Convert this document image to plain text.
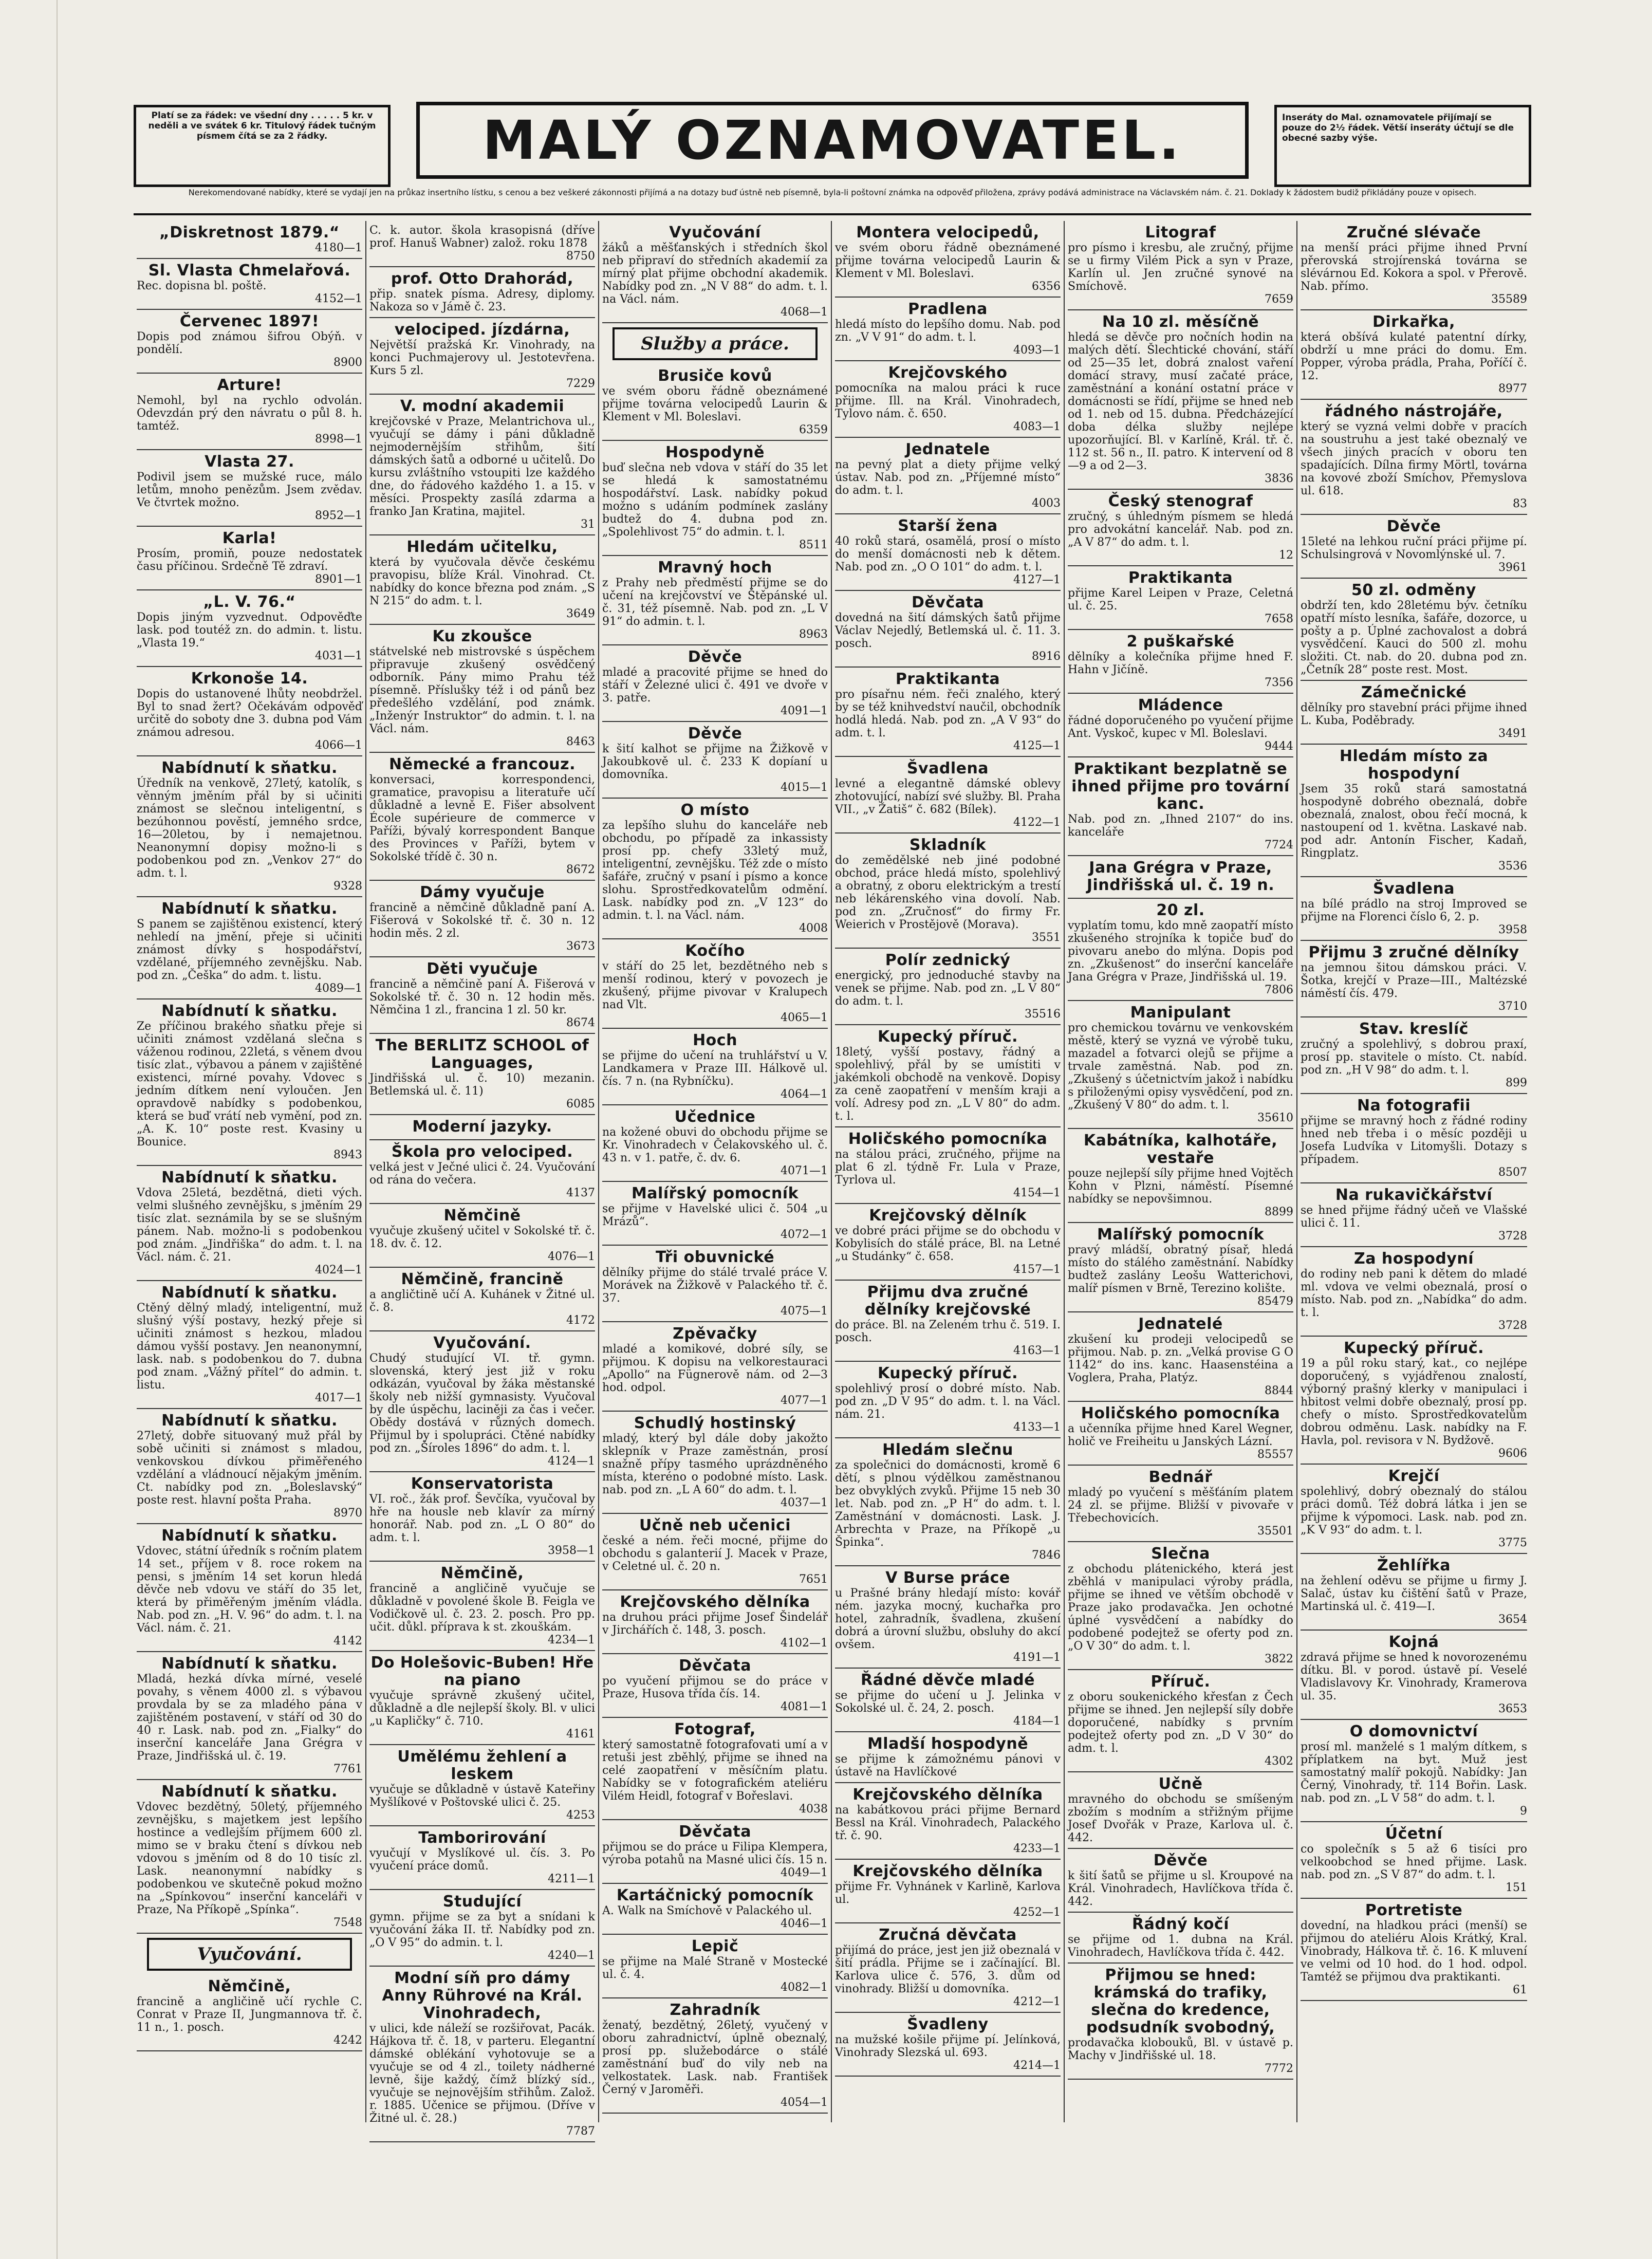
Platí se za řádek: ve všední dny . . . . . 5 kr. v neděli a ve svátek 6 kr. Titulový řádek tučným písmem čítá se za 2 řádky.	MALÝ OZNAMOVATEL.	Inseráty do Mal. oznamovatele přijímají se pouze do 2½ řádek. Větší inseráty účtují se dle obecné sazby výše.
Nerekomendované nabídky, které se vydají jen na průkaz insertního lístku, s cenou a bez veškeré zákonnosti přijímá a na dotazy buď ústně neb písemně, byla-li poštovní známka na odpověď přiložena, zprávy podává administrace na Václavském nám. č. 21. Doklady k žádostem budiž přikládány pouze v opisech.
„Diskretnost 1879.“
4180—1
Sl. Vlasta Chmelařová.
Rec. dopisna bl. poště.
4152—1
Červenec 1897!
Dopis pod známou šifrou Obýň. v pondělí.
8900
Arture!
Nemohl, byl na rychlo odvolán. Odevzdán prý den návratu o půl 8. h. tamtéž.
8998—1
Vlasta 27.
Podivil jsem se mužské ruce, málo letům, mnoho penězům. Jsem zvědav. Ve čtvrtek možno.
8952—1
Karla!
Prosím, promiň, pouze nedostatek času příčinou. Srdečně Tě zdraví.
8901—1
„L. V. 76.“
Dopis jiným vyzvednut. Odpověďte lask. pod toutéž zn. do admin. t. listu. „Vlasta 19.“
4031—1
Krkonoše 14.
Dopis do ustanovené lhůty neobdržel. Byl to snad žert? Očekávám odpověď určitě do soboty dne 3. dubna pod Vám známou adresou.
4066—1
Nabídnutí k sňatku.
Úředník na venkově, 27letý, katolík, s věnným jměním přál by si učiniti známost se slečnou inteligentní, s bezúhonnou pověstí, jemného srdce, 16—20letou, by i nemajetnou. Neanonymní dopisy možno-li s podobenkou pod zn. „Venkov 27“ do adm. t. l.
9328
Nabídnutí k sňatku.
S panem se zajištěnou existencí, který nehledí na jmění, přeje si učiniti známost dívky s hospodářství, vzdělané, příjemného zevnějšku. Nab. pod zn. „Češka“ do adm. t. listu.
4089—1
Nabídnutí k sňatku.
Ze příčinou brakého sňatku přeje si učiniti známost vzdělaná slečna s váženou rodinou, 22letá, s věnem dvou tisíc zlat., výbavou a pánem v zajištěné existenci, mírné povahy. Vdovec s jedním dítkem není vyloučen. Jen opravdově nabídky s podobenkou, která se buď vrátí neb vymění, pod zn. „A. K. 10“ poste rest. Kvasiny u Bounice.
8943
Nabídnutí k sňatku.
Vdova 25letá, bezdětná, dieti vých. velmi slušného zevnějšku, s jměním 29 tisíc zlat. seznámila by se se slušným pánem. Nab. možno-li s podobenkou pod znám. „Jindřiška“ do adm. t. l. na Václ. nám. č. 21.
4024—1
Nabídnutí k sňatku.
Ctěný dělný mladý, inteligentní, muž slušný výší postavy, hezký přeje si učiniti známost s hezkou, mladou dámou vyšší postavy. Jen neanonymní, lask. nab. s podobenkou do 7. dubna pod znam. „Vážný přítel“ do admin. t. listu.
4017—1
Nabídnutí k sňatku.
27letý, dobře situovaný muž přál by sobě učiniti si známost s mladou, venkovskou dívkou přiměřeného vzdělání a vládnoucí nějakým jměním. Ct. nabídky pod zn. „Boleslavský“ poste rest. hlavní pošta Praha.
8970
Nabídnutí k sňatku.
Vdovec, státní úředník s ročním platem 14 set., příjem v 8. roce rokem na pensi, s jměním 14 set korun hledá děvče neb vdovu ve stáří do 35 let, která by přiměřeným jměním vládla. Nab. pod zn. „H. V. 96“ do adm. t. l. na Václ. nám. č. 21.
4142
Nabídnutí k sňatku.
Mladá, hezká dívka mírné, veselé povahy, s věnem 4000 zl. s výbavou provdala by se za mladého pána v zajištěném postavení, v stáří od 30 do 40 r. Lask. nab. pod zn. „Fialky“ do inserční kanceláře Jana Grégra v Praze, Jindřišská ul. č. 19.
7761
Nabídnutí k sňatku.
Vdovec bezdětný, 50letý, příjemného zevnějšku, s majetkem jest lepšího hostince a vedlejším příjmem 600 zl. mimo se v braku čtení s dívkou neb vdovou s jměním od 8 do 10 tisíc zl. Lask. neanonymní nabídky s podobenkou ve skutečně pokud možno na „Spínkovou“ inserční kanceláři v Praze, Na Příkopě „Spínka“.
7548
Vyučování.
Němčině,
francině a angličině učí rychle C. Conrat v Praze II, Jungmannova tř. č. 11 n., 1. posch.
4242
C. k. autor. škola krasopisná (dříve prof. Hanuš Wabner) založ. roku 1878
8750
prof. Otto Drahorád,
přip. snatek písma. Adresy, diplomy. Nakoza so v Jámě č. 23.
velociped. jízdárna,
Největší pražská Kr. Vinohrady, na konci Puchmajerovy ul. Jestotevřena. Kurs 5 zl.
7229
V. modní akademii
krejčovské v Praze, Melantrichova ul., vyučují se dámy i páni důkladně nejmodernějším střihům, šití dámských šatů a odborné u učitelů. Do kursu zvláštního vstoupiti lze každého dne, do řádového každého 1. a 15. v měsíci. Prospekty zasílá zdarma a franko Jan Kratina, majitel.
31
Hledám učitelku,
která by vyučovala děvče českému pravopisu, blíže Král. Vinohrad. Ct. nabídky do konce března pod znám. „S N 215“ do adm. t. l.
3649
Ku zkoušce
státvelské neb mistrovské s úspěchem připravuje zkušený osvědčený odborník. Pány mimo Prahu též písemně. Příslušky též i od pánů bez předešlého vzdělání, pod známk. „Inženýr Instruktor“ do admin. t. l. na Václ. nám.
8463
Německé a francouz.
konversaci, korrespondenci, gramatice, pravopisu a literatuře učí důkladně a levně E. Fišer absolvent École supérieure de commerce v Paříži, bývalý korrespondent Banque des Provinces v Paříži, bytem v Sokolské třídě č. 30 n.
8672
Dámy vyučuje
francině a němčině důkladně paní A. Fišerová v Sokolské tř. č. 30 n. 12 hodin měs. 2 zl.
3673
Děti vyučuje
francině a němčině paní A. Fišerová v Sokolské tř. č. 30 n. 12 hodin měs. Němčina 1 zl., francina 1 zl. 50 kr.
8674
The BERLITZ SCHOOL of Languages,
Jindřišská ul. č. 10) mezanin. Betlemská ul. č. 11)
6085
Moderní jazyky.
Škola pro velociped.
velká jest v Ječné ulici č. 24. Vyučování od rána do večera.
4137
Němčině
vyučuje zkušený učitel v Sokolské tř. č. 18. dv. č. 12.
4076—1
Němčině, francině
a angličtině učí A. Kuhánek v Žitné ul. č. 8.
4172
Vyučování.
Chudý studující VI. tř. gymn. slovenská, který jest již v roku odkázán, vyučoval by žáka městanské školy neb nižší gymnasisty. Vyučoval by dle úspěchu, laciněji za čas i večer. Obědy dostává v různých domech. Přijmul by i spolupráci. Ctěné nabídky pod zn. „Šíroles 1896“ do adm. t. l.
4124—1
Konservatorista
VI. roč., žák prof. Ševčíka, vyučoval by hře na housle neb klavír za mírný honorář. Nab. pod zn. „L O 80“ do adm. t. l.
3958—1
Němčině,
francině a angličině vyučuje se důkladně v povolené škole B. Feigla ve Vodičkově ul. č. 23. 2. posch. Pro pp. učit. důkl. příprava k st. zkouškám.
4234—1
Do Holešovic-Buben! Hře na piano
vyučuje správně zkušený učitel, důkladně a dle nejlepší školy. Bl. v ulici „u Kapličky“ č. 710.
4161
Umělému žehlení a leskem
vyučuje se důkladně v ústavě Kateřiny Myšlíkové v Poštovské ulici č. 25.
4253
Tamborirování
vyučují v Myslíkové ul. čís. 3. Po vyučení práce domů.
4211—1
Studující
gymn. přijme se za byt a snídani k vyučování žáka II. tř. Nabídky pod zn. „O V 95“ do admin. t. l.
4240—1
Modní síň pro dámy Anny Rührové na Král. Vinohradech,
v ulici, kde náleží se rozšiřovat, Pacák. Hájkova tř. č. 18, v parteru. Elegantní dámské oblékání vyhotovuje se a vyučuje se od 4 zl., toilety nádherné levně, šije každý, čímž blízký síd., vyučuje se nejnovějším střihům. Založ. r. 1885. Učenice se přijmou. (Dříve v Žitné ul. č. 28.)
7787
Vyučování
žáků a měšťanských i středních škol neb připraví do středních akademií za mírný plat přijme obchodní akademik. Nabídky pod zn. „N V 88“ do adm. t. l. na Václ. nám.
4068—1
Služby a práce.
Brusiče kovů
ve svém oboru řádně obeznámené přijme továrna velocipedů Laurin & Klement v Ml. Boleslavi.
6359
Hospodyně
buď slečna neb vdova v stáří do 35 let se hledá k samostatnému hospodářství. Lask. nabídky pokud možno s udáním podmínek zaslány budtež do 4. dubna pod zn. „Spolehlivost 75“ do admin. t. l.
8511
Mravný hoch
z Prahy neb předměstí přijme se do učení na krejčovství ve Štěpánské ul. č. 31, též písemně. Nab. pod zn. „L V 91“ do admin. t. l.
8963
Děvče
mladé a pracovité přijme se hned do stáří v Železné ulici č. 491 ve dvoře v 3. patře.
4091—1
Děvče
k šití kalhot se přijme na Žižkově v Jakoubkově ul. č. 233 K dopíaní u domovníka.
4015—1
O místo
za lepšího sluhu do kanceláře neb obchodu, po případě za inkassisty prosí pp. chefy 33letý muž, inteligentní, zevnějšku. Též zde o místo šafáře, zručný v psaní i písmo a konce slohu. Sprostředkovatelům odmění. Lask. nabídky pod zn. „V 123“ do admin. t. l. na Václ. nám.
4008
Kočího
v stáří do 25 let, bezdětného neb s menší rodinou, který v povozech je zkušený, přijme pivovar v Kralupech nad Vlt.
4065—1
Hoch
se přijme do učení na truhlářství u V. Landkamera v Praze III. Hálkově ul. čís. 7 n. (na Rybníčku).
4064—1
Učednice
na kožené obuvi do obchodu přijme se Kr. Vinohradech v Čelakovského ul. č. 43 n. v 1. patře, č. dv. 6.
4071—1
Malířský pomocník
se přijme v Havelské ulici č. 504 „u Mrázů“.
4072—1
Tři obuvnické
dělníky přijme do stálé trvalé práce V. Morávek na Žižkově v Palackého tř. č. 37.
4075—1
Zpěvačky
mladé a komikové, dobré síly, se přijmou. K dopisu na velkorestauraci „Apollo“ na Fügnerově nám. od 2—3 hod. odpol.
4077—1
Schudlý hostinský
mladý, který byl dále doby jakožto sklepník v Praze zaměstnán, prosí snažně přípy tasmého uprázdněného místa, kteréno o podobné místo. Lask. nab. pod zn. „L A 60“ do adm. t. l.
4037—1
Učně neb učenici
české a ném. řeči mocné, přijme do obchodu s galanterií J. Macek v Praze, v Celetné ul. č. 20 n.
7651
Krejčovského dělníka
na druhou práci přijme Josef Šindelář v Jirchářích č. 148, 3. posch.
4102—1
Děvčata
po vyučení přijmou se do práce v Praze, Husova třída čís. 14.
4081—1
Fotograf,
který samostatně fotografovati umí a v retuši jest zběhlý, přijme se ihned na celé zaopatření v měsíčním platu. Nabídky se v fotografickém ateliéru Vilém Heidl, fotograf v Bořeslavi.
4038
Děvčata
přijmou se do práce u Filipa Klempera, výroba potahů na Masné ulici čís. 15 n.
4049—1
Kartáčnický pomocník
A. Walk na Smíchově v Palackého ul.
4046—1
Lepič
se přijme na Malé Straně v Mostecké ul. č. 4.
4082—1
Zahradník
ženatý, bezdětný, 26letý, vyučený v oboru zahradnictví, úplně obeznalý, prosí pp. služebodárce o stálé zaměstnání buď do vily neb na velkostatek. Lask. nab. František Černý v Jaroměři.
4054—1
Montera velocipedů,
ve svém oboru řádně obeznámené přijme továrna velocipedů Laurin & Klement v Ml. Boleslavi.
6356
Pradlena
hledá místo do lepšího domu. Nab. pod zn. „V V 91“ do adm. t. l.
4093—1
Krejčovského
pomocníka na malou práci k ruce přijme. Ill. na Král. Vinohradech, Tylovo nám. č. 650.
4083—1
Jednatele
na pevný plat a diety přijme velký ústav. Nab. pod zn. „Příjemné místo“ do adm. t. l.
4003
Starší žena
40 roků stará, osamělá, prosí o místo do menší domácnosti neb k dětem. Nab. pod zn. „O O 101“ do adm. t. l.
4127—1
Děvčata
dovedná na šití dámských šatů přijme Václav Nejedlý, Betlemská ul. č. 11. 3. posch.
8916
Praktikanta
pro písařnu ném. řeči znalého, který by se též knihvedství naučil, obchodník hodlá hledá. Nab. pod zn. „A V 93“ do adm. t. l.
4125—1
Švadlena
levné a elegantně dámské oblevy zhotovující, nabízí své služby. Bl. Praha VII., „v Žatiš“ č. 682 (Bílek).
4122—1
Skladník
do zemědělské neb jiné podobné obchod, práce hledá místo, spolehlivý a obratný, z oboru elektrickým a trestí neb lékárenského vina dovolí. Nab. pod zn. „Zručnosť“ do firmy Fr. Weierich v Prostějově (Morava).
3551
Polír zednický
energický, pro jednoduché stavby na venek se přijme. Nab. pod zn. „L V 80“ do adm. t. l.
35516
Kupecký příruč.
18letý, vyšší postavy, řádný a spolehlivý, přál by se umístiti v jakémkoli obchodě na venkově. Dopisy za ceně zaopatření v menším kraji a volí. Adresy pod zn. „L V 80“ do adm. t. l.
Holičského pomocníka
na stálou práci, zručného, přijme na plat 6 zl. týdně Fr. Lula v Praze, Tyrlova ul.
4154—1
Krejčovský dělník
ve dobré práci přijme se do obchodu v Kobylisích do stálé práce, Bl. na Letné „u Studánky“ č. 658.
4157—1
Přijmu dva zručné dělníky krejčovské
do práce. Bl. na Zeleném trhu č. 519. I. posch.
4163—1
Kupecký příruč.
spolehlivý prosí o dobré místo. Nab. pod zn. „D V 95“ do adm. t. l. na Václ. nám. 21.
4133—1
Hledám slečnu
za společnici do domácnosti, kromě 6 dětí, s plnou výdělkou zaměstnanou bez obvyklých zvyků. Přijme 15 neb 30 let. Nab. pod zn. „P H“ do adm. t. l. Zaměstnání v domácnosti. Lask. J. Arbrechta v Praze, na Příkopě „u Špinka“.
7846
V Burse práce
u Prašné brány hledají místo: kovář ném. jazyka mocný, kuchařka pro hotel, zahradník, švadlena, zkušení dobrá a úrovní službu, obsluhy do akcí ovšem.
4191—1
Řádné děvče mladé
se přijme do učení u J. Jelinka v Sokolské ul. č. 24, 2. posch.
4184—1
Mladší hospodyně
se přijme k zámožnému pánovi v ústavě na Havlíčkové
Krejčovského dělníka
na kabátkovou práci přijme Bernard Bessl na Král. Vinohradech, Palackého tř. č. 90.
4233—1
Krejčovského dělníka
přijme Fr. Vyhnánek v Karlině, Karlova ul.
4252—1
Zručná děvčata
přijímá do práce, jest jen již obeznalá v šití prádla. Přijme se i začínající. Bl. Karlova ulice č. 576, 3. dům od vinohrady. Bližší u domovníka.
4212—1
Švadleny
na mužské košile přijme pí. Jelínková, Vinohrady Slezská ul. 693.
4214—1
Litograf
pro písmo i kresbu, ale zručný, přijme se u firmy Vilém Pick a syn v Praze, Karlín ul. Jen zručné synové na Smíchově.
7659
Na 10 zl. měsíčně
hledá se děvče pro nočních hodin na malých dětí. Šlechtické chování, stáří od 25—35 let, dobrá znalost vaření domácí stravy, musí začaté práce, zaměstnání a konání ostatní práce v domácnosti se řídí, přijme se hned neb od 1. neb od 15. dubna. Předcházející doba délka služby nejlépe upozorňující. Bl. v Karlíně, Král. tř. č. 112 st. 56 n., II. patro. K intervení od 8—9 a od 2—3.
3836
Český stenograf
zručný, s úhledným písmem se hledá pro advokátní kancelář. Nab. pod zn. „A V 87“ do adm. t. l.
12
Praktikanta
přijme Karel Leipen v Praze, Celetná ul. č. 25.
7658
2 puškařské
dělníky a kolečníka přijme hned F. Hahn v Jičíně.
7356
Mládence
řádné doporučeného po vyučení přijme Ant. Vyskoč, kupec v Ml. Boleslavi.
9444
Praktikant bezplatně se ihned přijme pro tovární kanc.
Nab. pod zn. „Ihned 2107“ do ins. kanceláře
7724
Jana Grégra v Praze, Jindřišská ul. č. 19 n.
20 zl.
vyplatím tomu, kdo mně zaopatří místo zkušeného strojníka k topiče buď do pivovaru anebo do mlýna. Dopis pod zn. „Zkušenost“ do inserční kanceláře Jana Grégra v Praze, Jindřišská ul. 19.
7806
Manipulant
pro chemickou továrnu ve venkovském městě, který se vyzná ve výrobě tuku, mazadel a fotvarci olejů se přijme a trvale zaměstná. Nab. pod zn. „Zkušený s účetnictvím jakož i nabídku s přiloženými opisy vysvědčení, pod zn. „Zkušený V 80“ do adm. t. l.
35610
Kabátníka, kalhotáře, vestaře
pouze nejlepší síly přijme hned Vojtěch Kohn v Plzni, náměstí. Písemné nabídky se nepovšimnou.
8899
Malířský pomocník
pravý mládší, obratný písař, hledá místo do stálého zaměstnání. Nabídky budtež zaslány Leošu Watterichovi, malíř písmen v Brně, Terezino kolište.
85479
Jednatelé
zkušení ku prodeji velocipedů se přijmou. Nab. p. zn. „Velká provise G O 1142“ do ins. kanc. Haasenstéina a Voglera, Praha, Platýz.
8844
Holičského pomocníka
a učenníka přijme hned Karel Wegner, holič ve Freiheitu u Janských Lázní.
85557
Bednář
mladý po vyučení s měšťáním platem 24 zl. se přijme. Bližší v pivovaře v Třebechovicích.
35501
Slečna
z obchodu plátenického, která jest zběhlá v manipulaci výroby prádla, přijme se ihned ve větším obchodě v Praze jako prodavačka. Jen ochotné úplné vysvědčení a nabídky do podobené podejtež se oferty pod zn. „O V 30“ do adm. t. l.
3822
Příruč.
z oboru soukenického křesťan z Čech přijme se ihned. Jen nejlepší síly dobře doporučené, nabídky s prvním podejtež oferty pod zn. „D V 30“ do adm. t. l.
4302
Učně
mravného do obchodu se smíšeným zbožím s modním a střižným přijme Josef Dvořák v Praze, Karlova ul. č. 442.
Děvče
k šití šatů se přijme u sl. Kroupové na Král. Vinohradech, Havlíčkova třída č. 442.
Řádný kočí
se přijme od 1. dubna na Král. Vinohradech, Havlíčkova třída č. 442.
Přijmou se hned: krámská do trafiky, slečna do kredence, podsudník svobodný,
prodavačka klobouků, Bl. v ústavě p. Machy v Jindřišské ul. 18.
7772
Zručné slévače
na menší práci přijme ihned První přerovská strojírenská továrna se slévárnou Ed. Kokora a spol. v Přerově. Nab. přímo.
35589
Dirkařka,
která obšívá kulaté patentní dírky, obdrží u mne práci do domu. Em. Popper, výroba prádla, Praha, Poříčí č. 12.
8977
řádného nástrojáře,
který se vyzná velmi dobře v pracích na soustruhu a jest také obeznalý ve všech jiných pracích v oboru ten spadajících. Dílna firmy Mörtl, továrna na kovové zboží Smíchov, Přemyslova ul. 618.
83
Děvče
15leté na lehkou ruční práci přijme pí. Schulsingrová v Novomlýnské ul. 7.
3961
50 zl. odměny
obdrží ten, kdo 28letému býv. četníku opatří místo lesníka, šafáře, dozorce, u pošty a p. Úplné zachovalost a dobrá vysvědčení. Kauci do 500 zl. mohu složiti. Ct. nab. do 20. dubna pod zn. „Četník 28“ poste rest. Most.
Zámečnické
dělníky pro stavební práci přijme ihned L. Kuba, Poděbrady.
3491
Hledám místo za hospodyní
Jsem 35 roků stará samostatná hospodyně dobrého obeznalá, dobře obeznalá, znalost, obou řečí mocná, k nastoupení od 1. května. Laskavé nab. pod adr. Antonín Fischer, Kadaň, Ringplatz.
3536
Švadlena
na bílé prádlo na stroj Improved se přijme na Florenci číslo 6, 2. p.
3958
Přijmu 3 zručné dělníky
na jemnou šitou dámskou práci. V. Šotka, krejčí v Praze—III., Maltézské náměstí čís. 479.
3710
Stav. kreslíč
zručný a spolehlivý, s dobrou praxí, prosí pp. stavitele o místo. Ct. nabíd. pod zn. „H V 98“ do adm. t. l.
899
Na fotografii
přijme se mravný hoch z řádné rodiny hned neb třeba i o měsíc později u Josefa Ludvíka v Litomyšli. Dotazy s případem.
8507
Na rukavičkářství
se hned přijme řádný učeň ve Vlašské ulici č. 11.
3728
Za hospodyní
do rodiny neb pani k dětem do mladé ml. vdova ve velmi obeznalá, prosí o místo. Nab. pod zn. „Nabídka“ do adm. t. l.
3728
Kupecký příruč.
19 a půl roku starý, kat., co nejlépe doporučený, s vyjádřenou znalostí, výborný prašný klerky v manipulaci i hbitost velmi dobře obeznalý, prosí pp. chefy o místo. Sprostředkovatelům dobrou odměnu. Lask. nabídky na F. Havla, pol. revisora v N. Bydžově.
9606
Krejčí
spolehlivý, dobrý obeznalý do stálou práci domů. Též dobrá látka i jen se přijme k výpomoci. Lask. nab. pod zn. „K V 93“ do adm. t. l.
3775
Žehlířka
na žehlení oděvu se přijme u firmy J. Salač, ústav ku čištění šatů v Praze, Martinská ul. č. 419—I.
3654
Kojná
zdravá přijme se hned k novorozenému dítku. Bl. v porod. ústavě pí. Veselé Vladislavovy Kr. Vinohrady, Kramerova ul. 35.
3653
O domovnictví
prosí ml. manželé s 1 malým dítkem, s příplatkem na byt. Muž jest samostatný malíř pokojů. Nabídky: Jan Černý, Vinohrady, tř. 114 Bořin. Lask. nab. pod zn. „L V 58“ do adm. t. l.
9
Účetní
co společník s 5 až 6 tisíci pro velkoobchod se hned přijme. Lask. nab. pod zn. „S V 87“ do adm. t. l.
151
Portretiste
dovední, na hladkou práci (menší) se přijmou do ateliéru Alois Krátký, Kral. Vinobrady, Hálkova tř. č. 16. K mluvení ve velmi od 10 hod. do 1 hod. odpol. Tamtéž se přijmou dva praktikanti.
61
